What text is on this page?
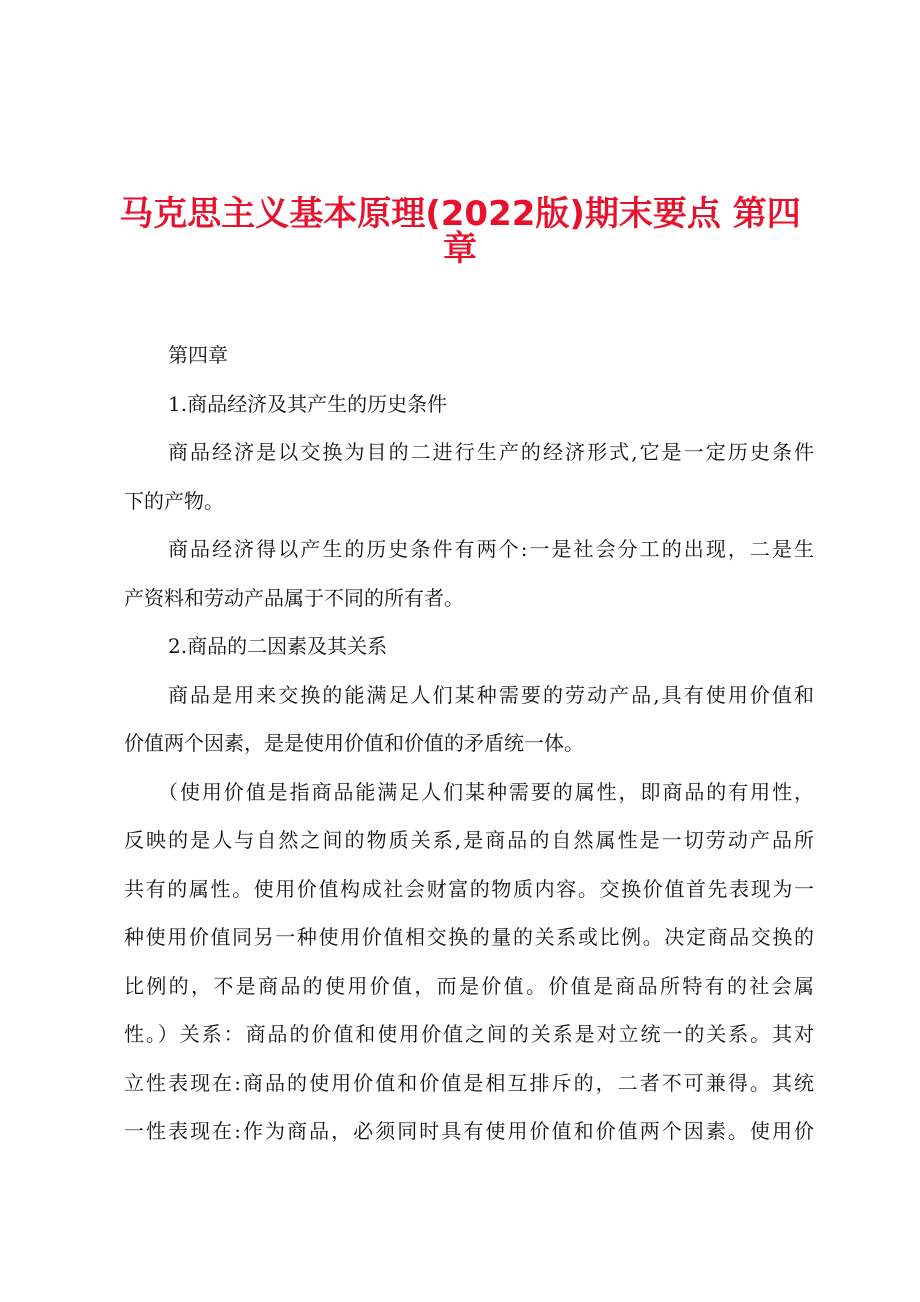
马克思主义基本原理(2022版)期末要点 第四
章
第四章
1.商品经济及其产生的历史条件
商品经济是以交换为目的二进行生产的经济形式,它是一定历史条件
下的产物。
商品经济得以产生的历史条件有两个:一是社会分工的出现，二是生
产资料和劳动产品属于不同的所有者。
2.商品的二因素及其关系
商品是用来交换的能满足人们某种需要的劳动产品,具有使用价值和
价值两个因素，是是使用价值和价值的矛盾统一体。
（使用价值是指商品能满足人们某种需要的属性，即商品的有用性，
反映的是人与自然之间的物质关系,是商品的自然属性是一切劳动产品所
共有的属性。使用价值构成社会财富的物质内容。交换价值首先表现为一
种使用价值同另一种使用价值相交换的量的关系或比例。决定商品交换的
比例的，不是商品的使用价值，而是价值。价值是商品所特有的社会属
性。）关系：商品的价值和使用价值之间的关系是对立统一的关系。其对
立性表现在:商品的使用价值和价值是相互排斥的，二者不可兼得。其统
一性表现在:作为商品，必须同时具有使用价值和价值两个因素。使用价
